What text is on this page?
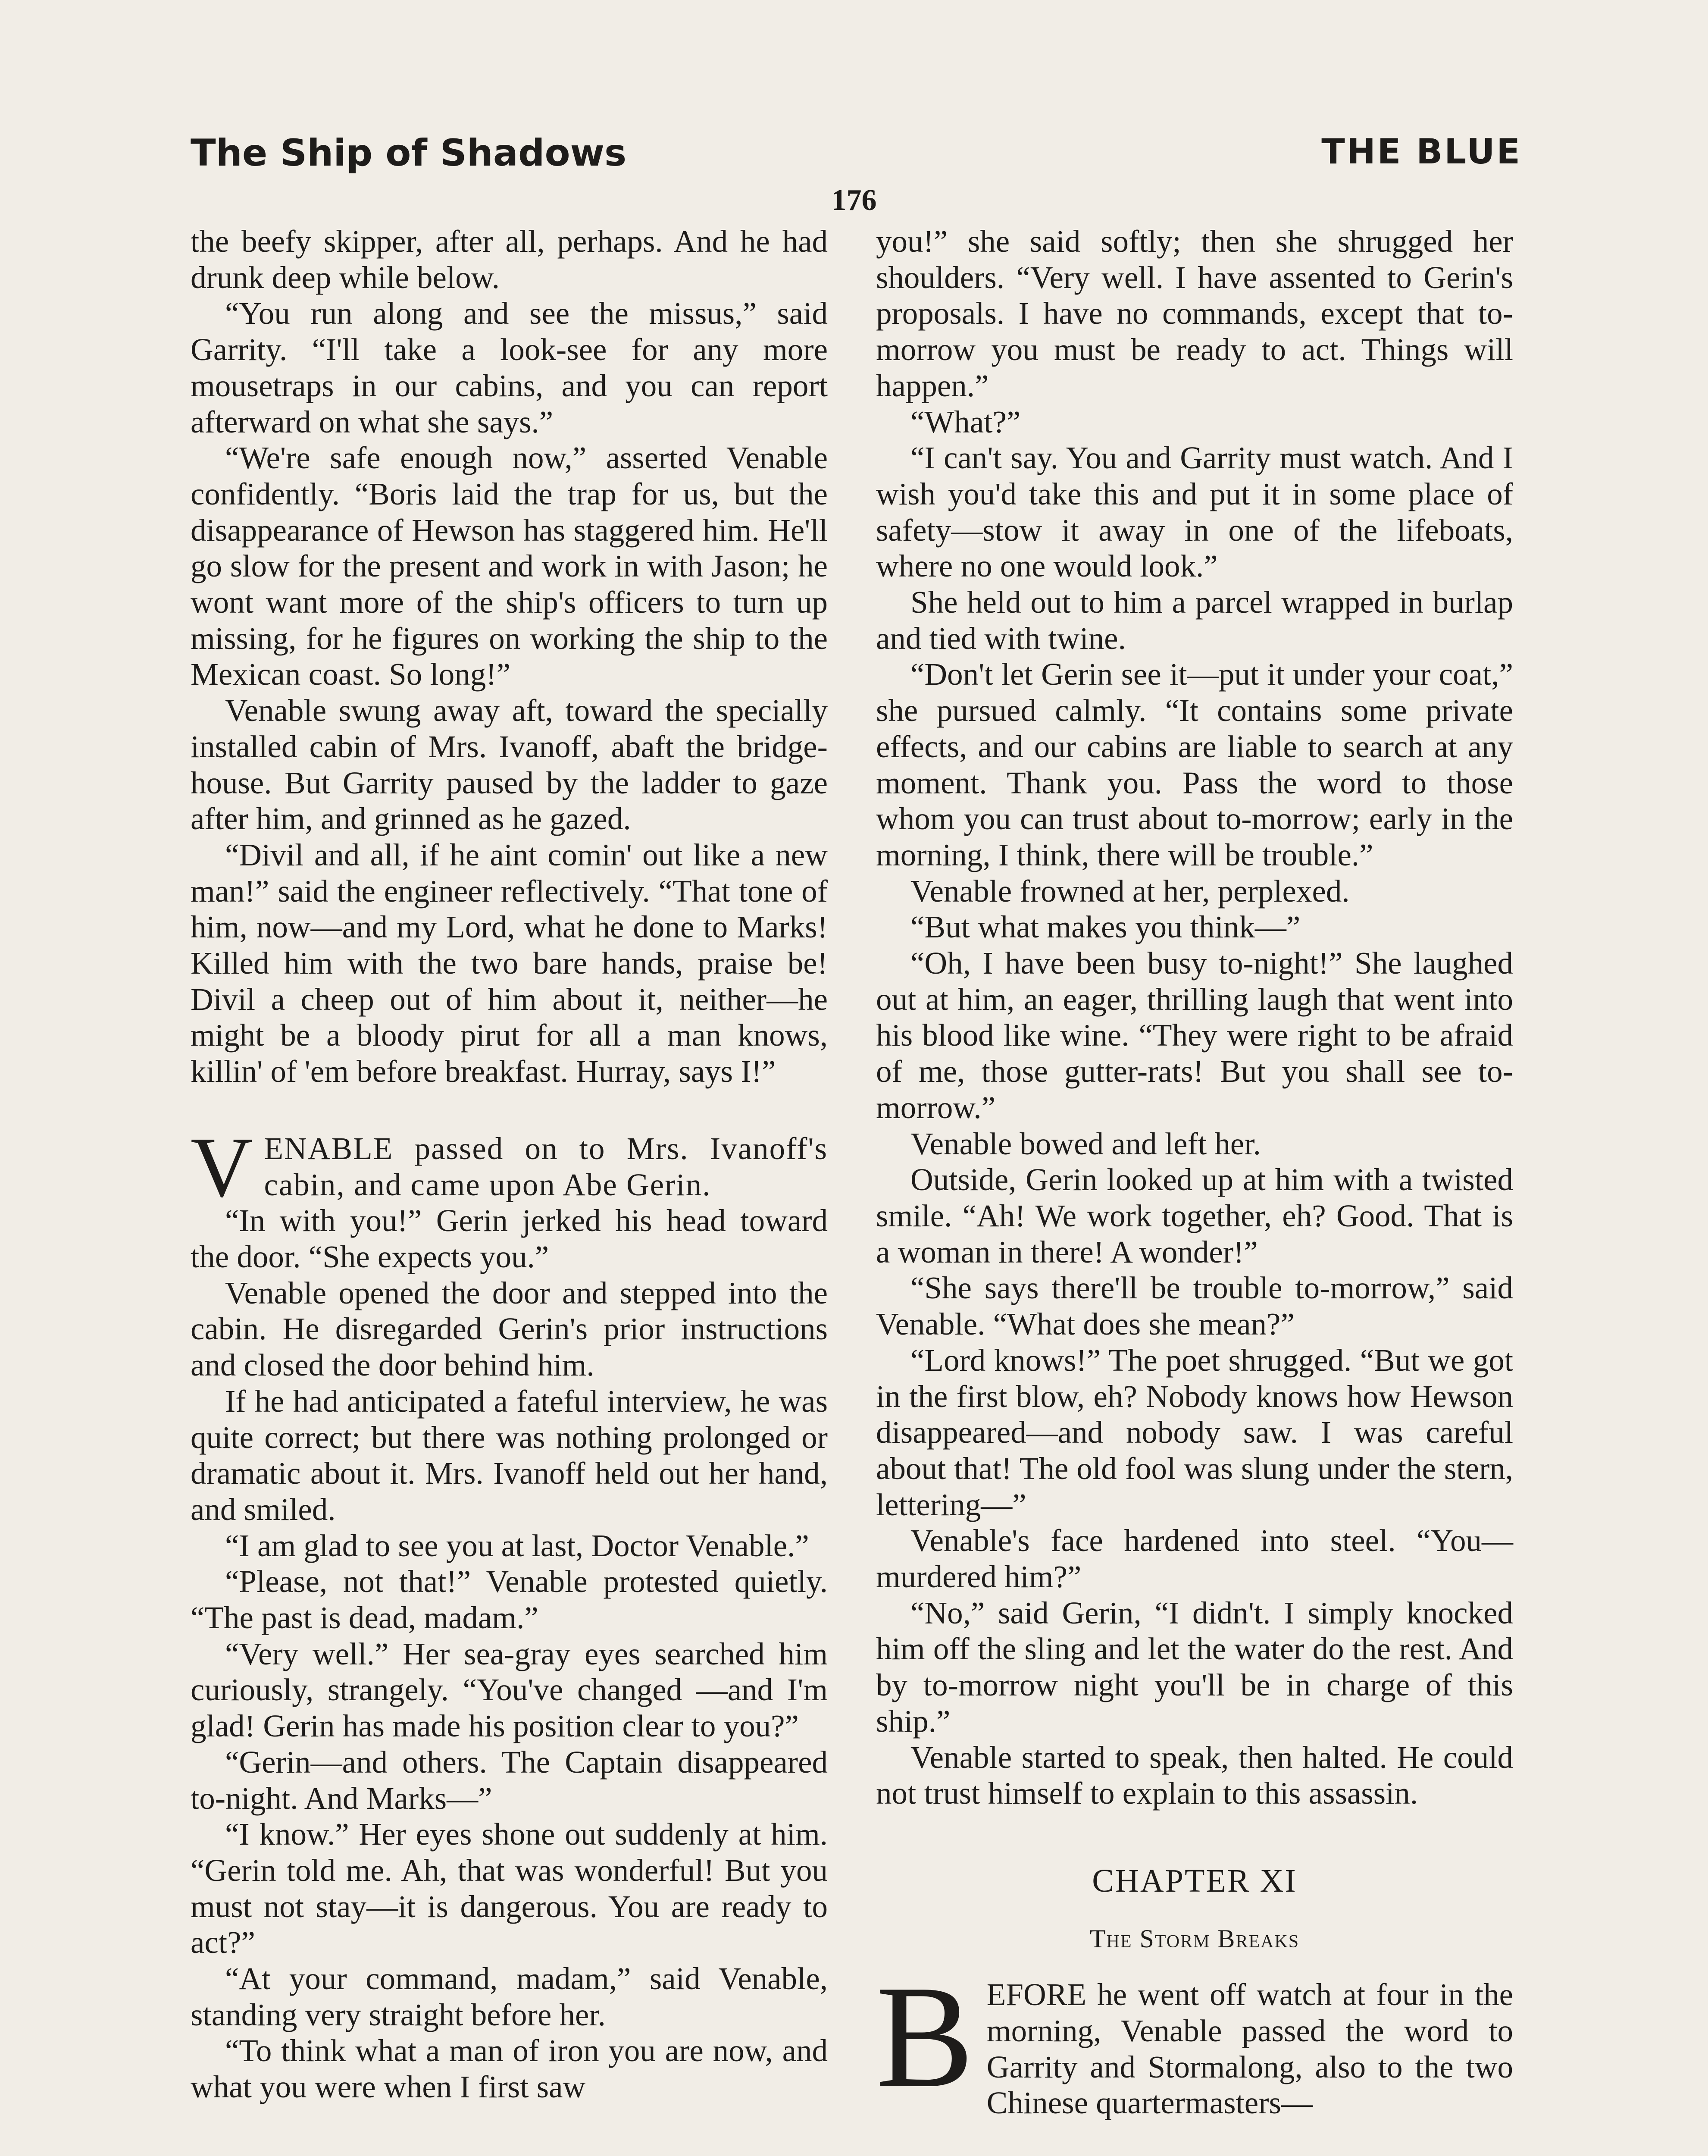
The Ship of Shadows	THE BLUE
176

the beefy skipper, after all, perhaps. And he had drunk deep while below.

“You run along and see the missus,” said Garrity. “I'll take a look-see for any more mousetraps in our cabins, and you can report afterward on what she says.”

“We're safe enough now,” asserted Venable confidently. “Boris laid the trap for us, but the disappearance of Hewson has staggered him. He'll go slow for the present and work in with Jason; he wont want more of the ship's officers to turn up missing, for he figures on working the ship to the Mexican coast. So long!”

Venable swung away aft, toward the specially installed cabin of Mrs. Ivanoff, abaft the bridge-house. But Garrity paused by the ladder to gaze after him, and grinned as he gazed.

“Divil and all, if he aint comin' out like a new man!” said the engineer reflectively. “That tone of him, now—and my Lord, what he done to Marks! Killed him with the two bare hands, praise be! Divil a cheep out of him about it, neither—he might be a bloody pirut for all a man knows, killin' of 'em before breakfast. Hurray, says I!”

VENABLE passed on to Mrs. Ivanoff's cabin, and came upon Abe Gerin.

“In with you!” Gerin jerked his head toward the door. “She expects you.”

Venable opened the door and stepped into the cabin. He disregarded Gerin's prior instructions and closed the door behind him.

If he had anticipated a fateful interview, he was quite correct; but there was nothing prolonged or dramatic about it. Mrs. Ivanoff held out her hand, and smiled.

“I am glad to see you at last, Doctor Venable.”

“Please, not that!” Venable protested quietly. “The past is dead, madam.”

“Very well.” Her sea-gray eyes searched him curiously, strangely. “You've changed —and I'm glad! Gerin has made his position clear to you?”

“Gerin—and others. The Captain disappeared to-night. And Marks—”

“I know.” Her eyes shone out suddenly at him. “Gerin told me. Ah, that was wonderful! But you must not stay—it is dangerous. You are ready to act?”

“At your command, madam,” said Venable, standing very straight before her.

“To think what a man of iron you are now, and what you were when I first saw

you!” she said softly; then she shrugged her shoulders. “Very well. I have assented to Gerin's proposals. I have no commands, except that to-morrow you must be ready to act. Things will happen.”

“What?”

“I can't say. You and Garrity must watch. And I wish you'd take this and put it in some place of safety—stow it away in one of the lifeboats, where no one would look.”

She held out to him a parcel wrapped in burlap and tied with twine.

“Don't let Gerin see it—put it under your coat,” she pursued calmly. “It contains some private effects, and our cabins are liable to search at any moment. Thank you. Pass the word to those whom you can trust about to-morrow; early in the morning, I think, there will be trouble.”

Venable frowned at her, perplexed.

“But what makes you think—”

“Oh, I have been busy to-night!” She laughed out at him, an eager, thrilling laugh that went into his blood like wine. “They were right to be afraid of me, those gutter-rats! But you shall see to-morrow.”

Venable bowed and left her.

Outside, Gerin looked up at him with a twisted smile. “Ah! We work together, eh? Good. That is a woman in there! A wonder!”

“She says there'll be trouble to-morrow,” said Venable. “What does she mean?”

“Lord knows!” The poet shrugged. “But we got in the first blow, eh? Nobody knows how Hewson disappeared—and nobody saw. I was careful about that! The old fool was slung under the stern, lettering—”

Venable's face hardened into steel. “You—murdered him?”

“No,” said Gerin, “I didn't. I simply knocked him off the sling and let the water do the rest. And by to-morrow night you'll be in charge of this ship.”

Venable started to speak, then halted. He could not trust himself to explain to this assassin.

CHAPTER XI
The Storm Breaks

BEFORE he went off watch at four in the morning, Venable passed the word to Garrity and Stormalong, also to the two Chinese quartermasters—
